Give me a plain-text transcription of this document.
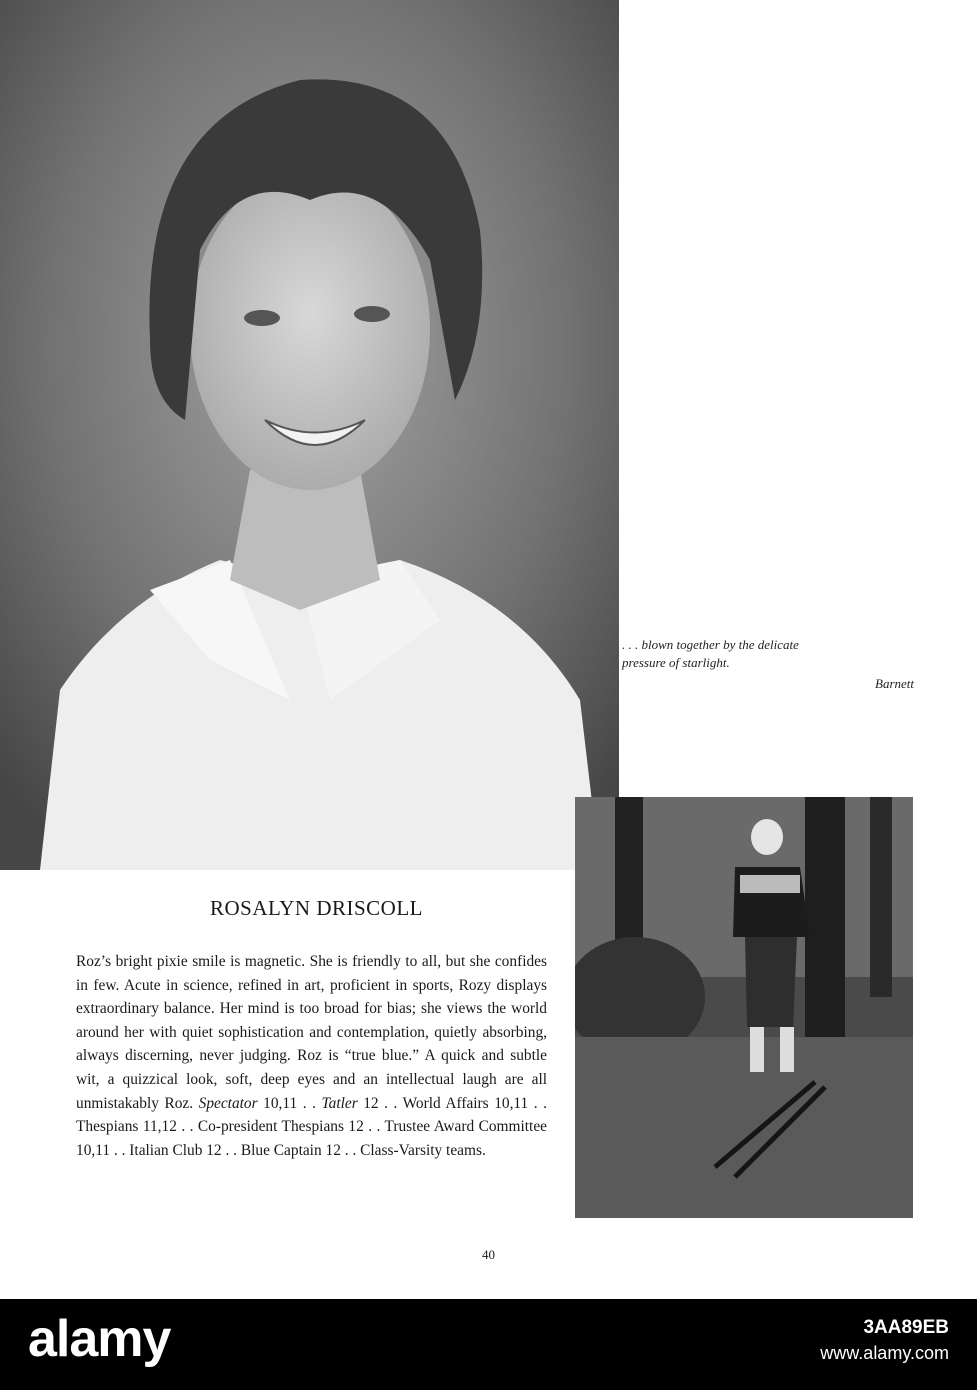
. . . blown together by the delicate
pressure of starlight.
Barnett
ROSALYN DRISCOLL
Roz’s bright pixie smile is magnetic. She is friendly to all, but she confides in few. Acute in science, refined in art, proficient in sports, Rozy displays extraordinary balance. Her mind is too broad for bias; she views the world around her with quiet sophistication and contemplation, quietly absorbing, always discerning, never judging. Roz is “true blue.” A quick and subtle wit, a quizzical look, soft, deep eyes and an intellectual laugh are all unmistakably Roz. Spectator 10,11 . . Tatler 12 . . World Affairs 10,11 . . Thespians 11,12 . . Co-president Thespians 12 . . Trustee Award Committee 10,11 . . Italian Club 12 . . Blue Captain 12 . . Class-Varsity teams.
40
alamy	3AA89EB
www.alamy.com
